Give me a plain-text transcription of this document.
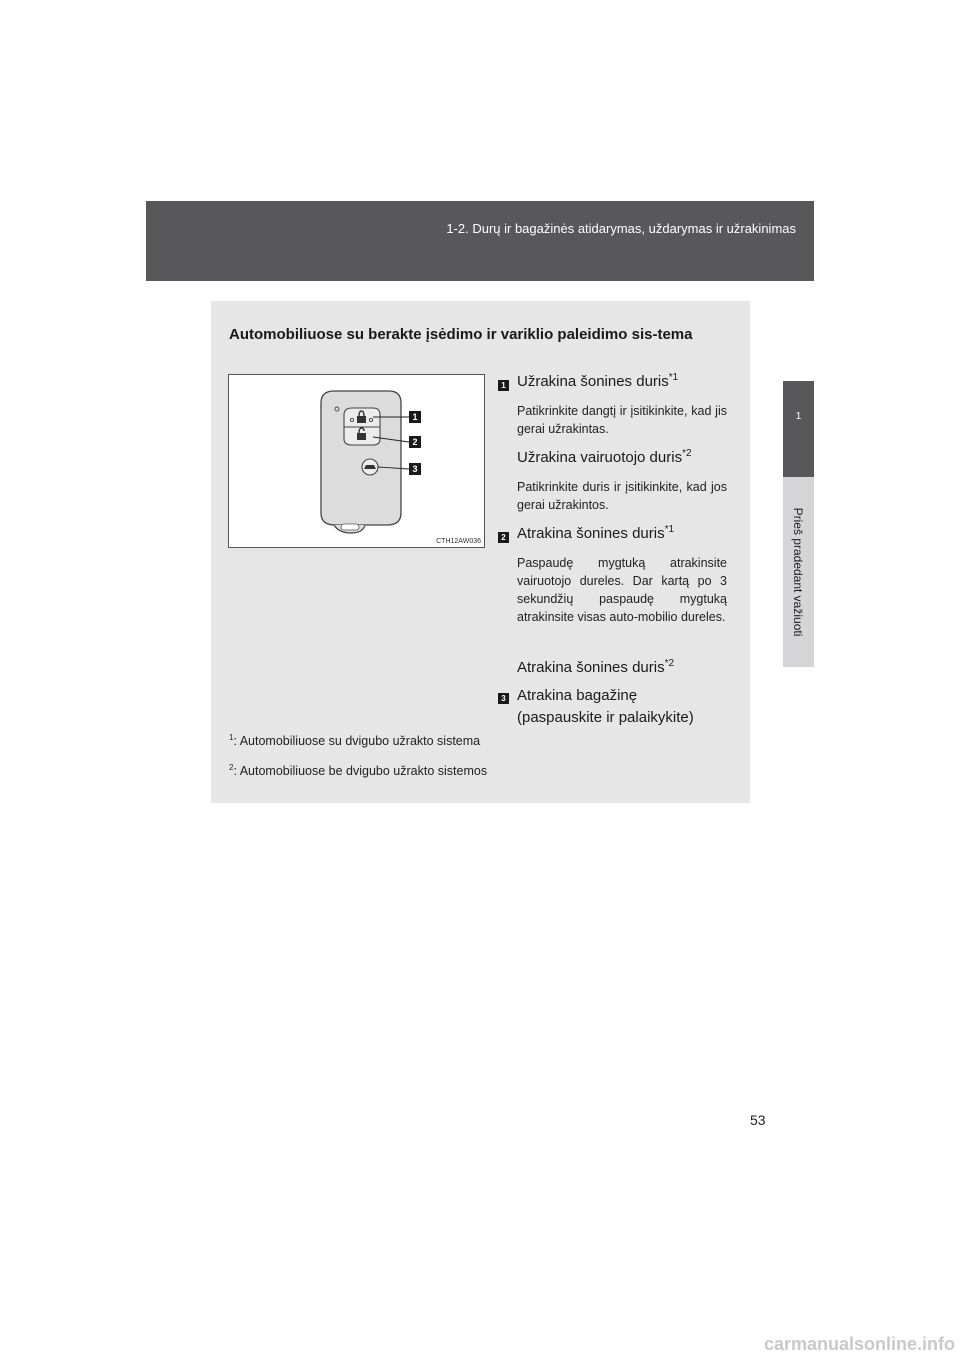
1-2. Durų ir bagažinės atidarymas, uždarymas ir užrakinimas
1
Prieš pradedant važiuoti
Automobiliuose su berakte įsėdimo ir variklio paleidimo sis-tema
1
2
3
CTH12AW036
1 Užrakina šonines duris$^{*1}$
Patikrinkite dangtį ir įsitikinkite, kad jis gerai užrakintas.
Užrakina vairuotojo duris$^{*2}$
Patikrinkite duris ir įsitikinkite, kad jos gerai užrakintos.
2 Atrakina šonines duris$^{*1}$
Paspaudę mygtuką atrakinsite vairuotojo dureles. Dar kartą po 3 sekundžių paspaudę mygtuką atrakinsite visas auto-mobilio dureles.
Atrakina šonines duris$^{*2}$
3 Atrakina bagažinę
(paspauskite ir palaikykite)
$^1$: Automobiliuose su dvigubo užrakto sistema
$^2$: Automobiliuose be dvigubo užrakto sistemos
53
carmanualsonline.info
